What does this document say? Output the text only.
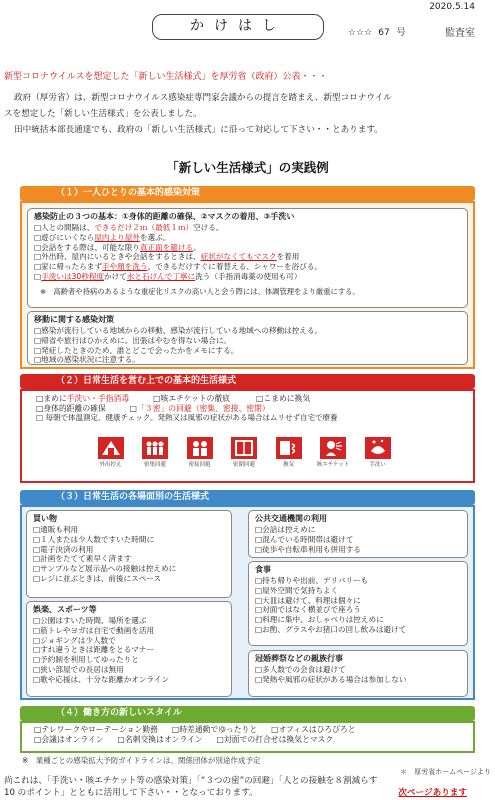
2020.5.14
かけはし	☆☆☆ 67 号	監査室
新型コロナウイルスを想定した「新しい生活様式」を厚労省（政府）公表・・・
政府（厚労省）は、新型コロナウイルス感染症専門家会議からの提言を踏まえ、新型コロナウイル
スを想定した「新しい生活様式」を公表しました。
田中統括本部長通達でも、政府の「新しい生活様式」に沿って対応して下さい・・とあります。
「新しい生活様式」の実践例
（１）一人ひとりの基本的感染対策
感染防止の３つの基本：①身体的距離の確保、②マスクの着用、③手洗い
□人との間隔は、できるだけ２ｍ（最低１ｍ）空ける。
□遊びにいくなら屋内より屋外を選ぶ。
□会話をする際は、可能な限り真正面を避ける。
□外出時、屋内にいるときや会話をするときは、症状がなくてもマスクを着用
□家に帰ったらまず手や顔を洗う。できるだけすぐに着替える、シャワーを浴びる。
□手洗いは30秒程度かけて水と石けんで丁寧に洗う（手指消毒薬の使用も可）
※　高齢者や持病のあるような重症化リスクの高い人と会う際には、体調管理をより厳重にする。
移動に関する感染対策
□感染が流行している地域からの移動、感染が流行している地域への移動は控える。
□帰省や旅行はひかえめに。出張はやむを得ない場合に。
□発症したときのため、誰とどこで会ったかをメモにする。
□地域の感染状況に注意する。
（２）日常生活を営む上での基本的生活様式
□まめに手洗い・手指消毒	□咳エチケットの徹底	□こまめに換気
□身体的距離の確保	□「３密」の回避（密集、密接、密閉）
□ 毎朝で体温測定、健康チェック。発熱又は風邪の症状がある場合はムリせず自宅で療養
外出控え	密集回避	密接回避	密閉回避	換気	咳エチケット	手洗い
（３）日常生活の各場面別の生活様式
買い物
□通販も利用
□１人または少人数ですいた時間に
□電子決済の利用
□計画をたてて素早く済ます
□サンプルなど展示品への接触は控えめに
□レジに並ぶときは、前後にスペース
娯楽、スポーツ等
□公園はすいた時間、場所を選ぶ
□筋トレやヨガは自宅で動画を活用
□ジョギングは少人数で
□すれ違うときは距離をとるマナー
□予約制を利用してゆったりと
□狭い部屋での長居は無用
□歌や応援は、十分な距離かオンライン
公共交通機関の利用
□会話は控えめに
□混んでいる時間帯は避けて
□徒歩や自転車利用も併用する
食事
□持ち帰りや出前、デリバリーも
□屋外空間で気持ちよく
□大皿は避けて、料理は個々に
□対面ではなく横並びで座ろう
□料理に集中、おしゃべりは控えめに
□お酌、グラスやお猪口の回し飲みは避けて
冠婚葬祭などの親族行事
□多人数での会食は避けて
□発熱や風邪の症状がある場合は参加しない
（４）働き方の新しいスタイル
□テレワークやローテーション勤務 □時差通勤でゆったりと □オフィスはひろびろと
□会議はオンライン □名刺交換はオンライン □対面での打合せは換気とマスク
※　業種ごとの感染拡大予防ガイドラインは、関係団体が別途作成予定
＊　厚労省ホームページより
尚これは、「手洗い・咳エチケット等の感染対策」「“３つの密”の回避」「人との接触を８割減らす
10 のポイント」とともに活用して下さい・・となっております。	次ページあります
